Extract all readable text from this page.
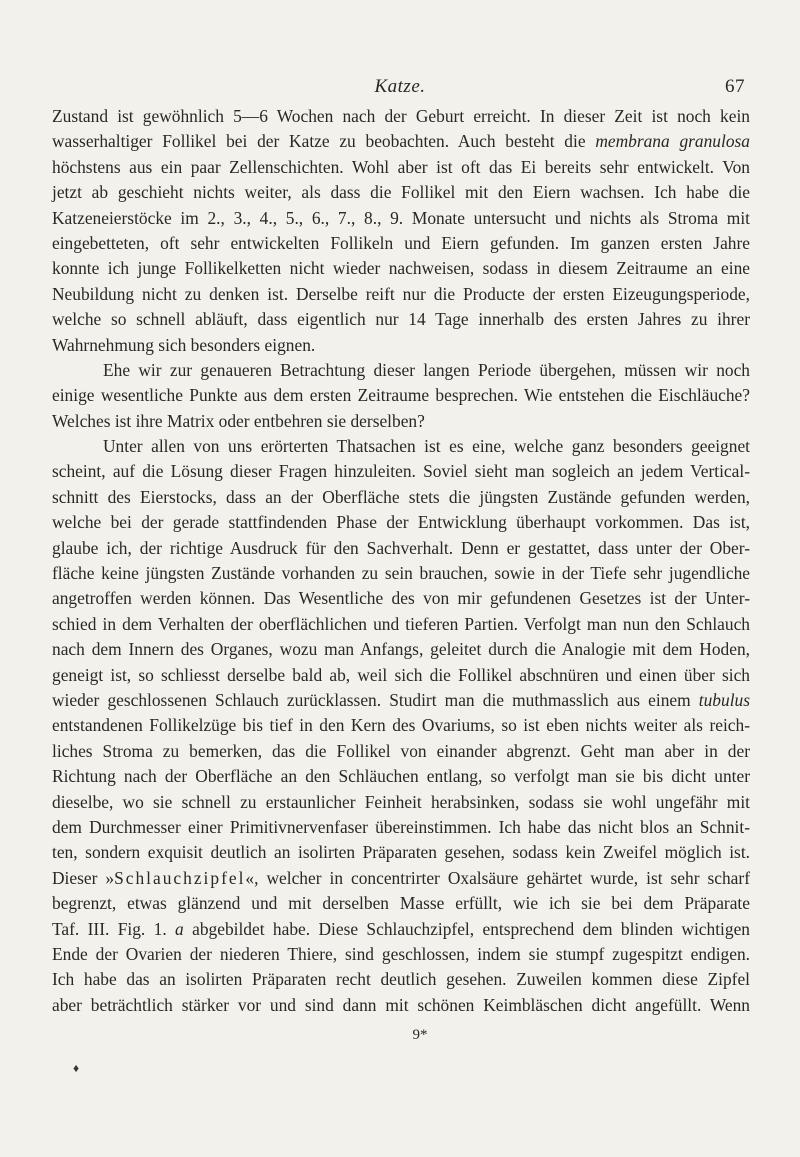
Katze.	67
Zustand ist gewöhnlich 5—6 Wochen nach der Geburt erreicht. In dieser Zeit ist noch kein
wasserhaltiger Follikel bei der Katze zu beobachten. Auch besteht die membrana granulosa
höchstens aus ein paar Zellenschichten. Wohl aber ist oft das Ei bereits sehr entwickelt. Von
jetzt ab geschieht nichts weiter, als dass die Follikel mit den Eiern wachsen. Ich habe die
Katzeneierstöcke im 2., 3., 4., 5., 6., 7., 8., 9. Monate untersucht und nichts als Stroma mit
eingebetteten, oft sehr entwickelten Follikeln und Eiern gefunden. Im ganzen ersten Jahre
konnte ich junge Follikelketten nicht wieder nachweisen, sodass in diesem Zeitraume an eine
Neubildung nicht zu denken ist. Derselbe reift nur die Producte der ersten Eizeugungsperiode,
welche so schnell abläuft, dass eigentlich nur 14 Tage innerhalb des ersten Jahres zu ihrer
Wahrnehmung sich besonders eignen.
Ehe wir zur genaueren Betrachtung dieser langen Periode übergehen, müssen wir noch
einige wesentliche Punkte aus dem ersten Zeitraume besprechen. Wie entstehen die Eischläuche?
Welches ist ihre Matrix oder entbehren sie derselben?
Unter allen von uns erörterten Thatsachen ist es eine, welche ganz besonders geeignet
scheint, auf die Lösung dieser Fragen hinzuleiten. Soviel sieht man sogleich an jedem Vertical-
schnitt des Eierstocks, dass an der Oberfläche stets die jüngsten Zustände gefunden werden,
welche bei der gerade stattfindenden Phase der Entwicklung überhaupt vorkommen. Das ist,
glaube ich, der richtige Ausdruck für den Sachverhalt. Denn er gestattet, dass unter der Ober-
fläche keine jüngsten Zustände vorhanden zu sein brauchen, sowie in der Tiefe sehr jugendliche
angetroffen werden können. Das Wesentliche des von mir gefundenen Gesetzes ist der Unter-
schied in dem Verhalten der oberflächlichen und tieferen Partien. Verfolgt man nun den Schlauch
nach dem Innern des Organes, wozu man Anfangs, geleitet durch die Analogie mit dem Hoden,
geneigt ist, so schliesst derselbe bald ab, weil sich die Follikel abschnüren und einen über sich
wieder geschlossenen Schlauch zurücklassen. Studirt man die muthmasslich aus einem tubulus
entstandenen Follikelzüge bis tief in den Kern des Ovariums, so ist eben nichts weiter als reich-
liches Stroma zu bemerken, das die Follikel von einander abgrenzt. Geht man aber in der
Richtung nach der Oberfläche an den Schläuchen entlang, so verfolgt man sie bis dicht unter
dieselbe, wo sie schnell zu erstaunlicher Feinheit herabsinken, sodass sie wohl ungefähr mit
dem Durchmesser einer Primitivnervenfaser übereinstimmen. Ich habe das nicht blos an Schnit-
ten, sondern exquisit deutlich an isolirten Präparaten gesehen, sodass kein Zweifel möglich ist.
Dieser »Schlauchzipfel«, welcher in concentrirter Oxalsäure gehärtet wurde, ist sehr scharf
begrenzt, etwas glänzend und mit derselben Masse erfüllt, wie ich sie bei dem Präparate
Taf. III. Fig. 1. a abgebildet habe. Diese Schlauchzipfel, entsprechend dem blinden wichtigen
Ende der Ovarien der niederen Thiere, sind geschlossen, indem sie stumpf zugespitzt endigen.
Ich habe das an isolirten Präparaten recht deutlich gesehen. Zuweilen kommen diese Zipfel
aber beträchtlich stärker vor und sind dann mit schönen Keimbläschen dicht angefüllt. Wenn
9*
♦
